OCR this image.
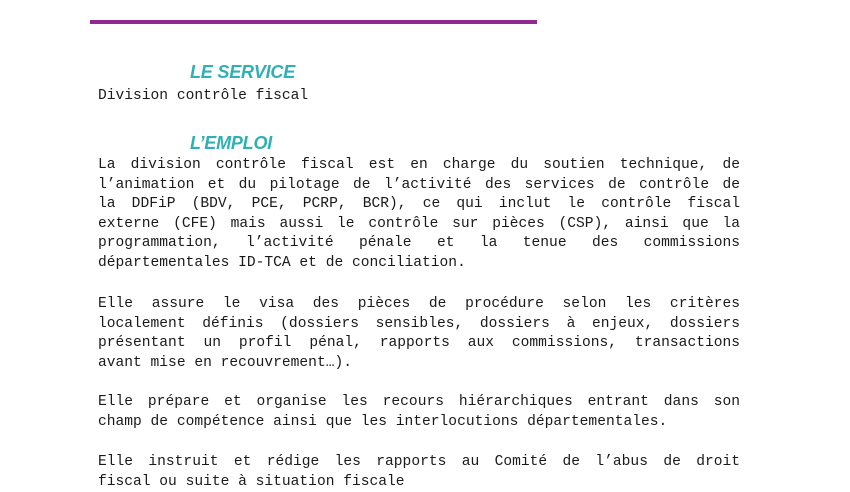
LE SERVICE
Division contrôle fiscal
L’EMPLOI
La division contrôle fiscal est en charge du soutien technique, de
l’animation et du pilotage de l’activité des services de contrôle de
la DDFiP (BDV, PCE, PCRP, BCR), ce qui inclut le contrôle fiscal
externe (CFE) mais aussi le contrôle sur pièces (CSP), ainsi que la
programmation, l’activité pénale et la tenue des commissions
départementales ID-TCA et de conciliation.
Elle assure le visa des pièces de procédure selon les critères
localement définis (dossiers sensibles, dossiers à enjeux, dossiers
présentant un profil pénal, rapports aux commissions, transactions
avant mise en recouvrement…).
Elle prépare et organise les recours hiérarchiques entrant dans son
champ de compétence ainsi que les interlocutions départementales.
Elle instruit et rédige les rapports au Comité de l’abus de droit
fiscal ou suite à situation fiscale
